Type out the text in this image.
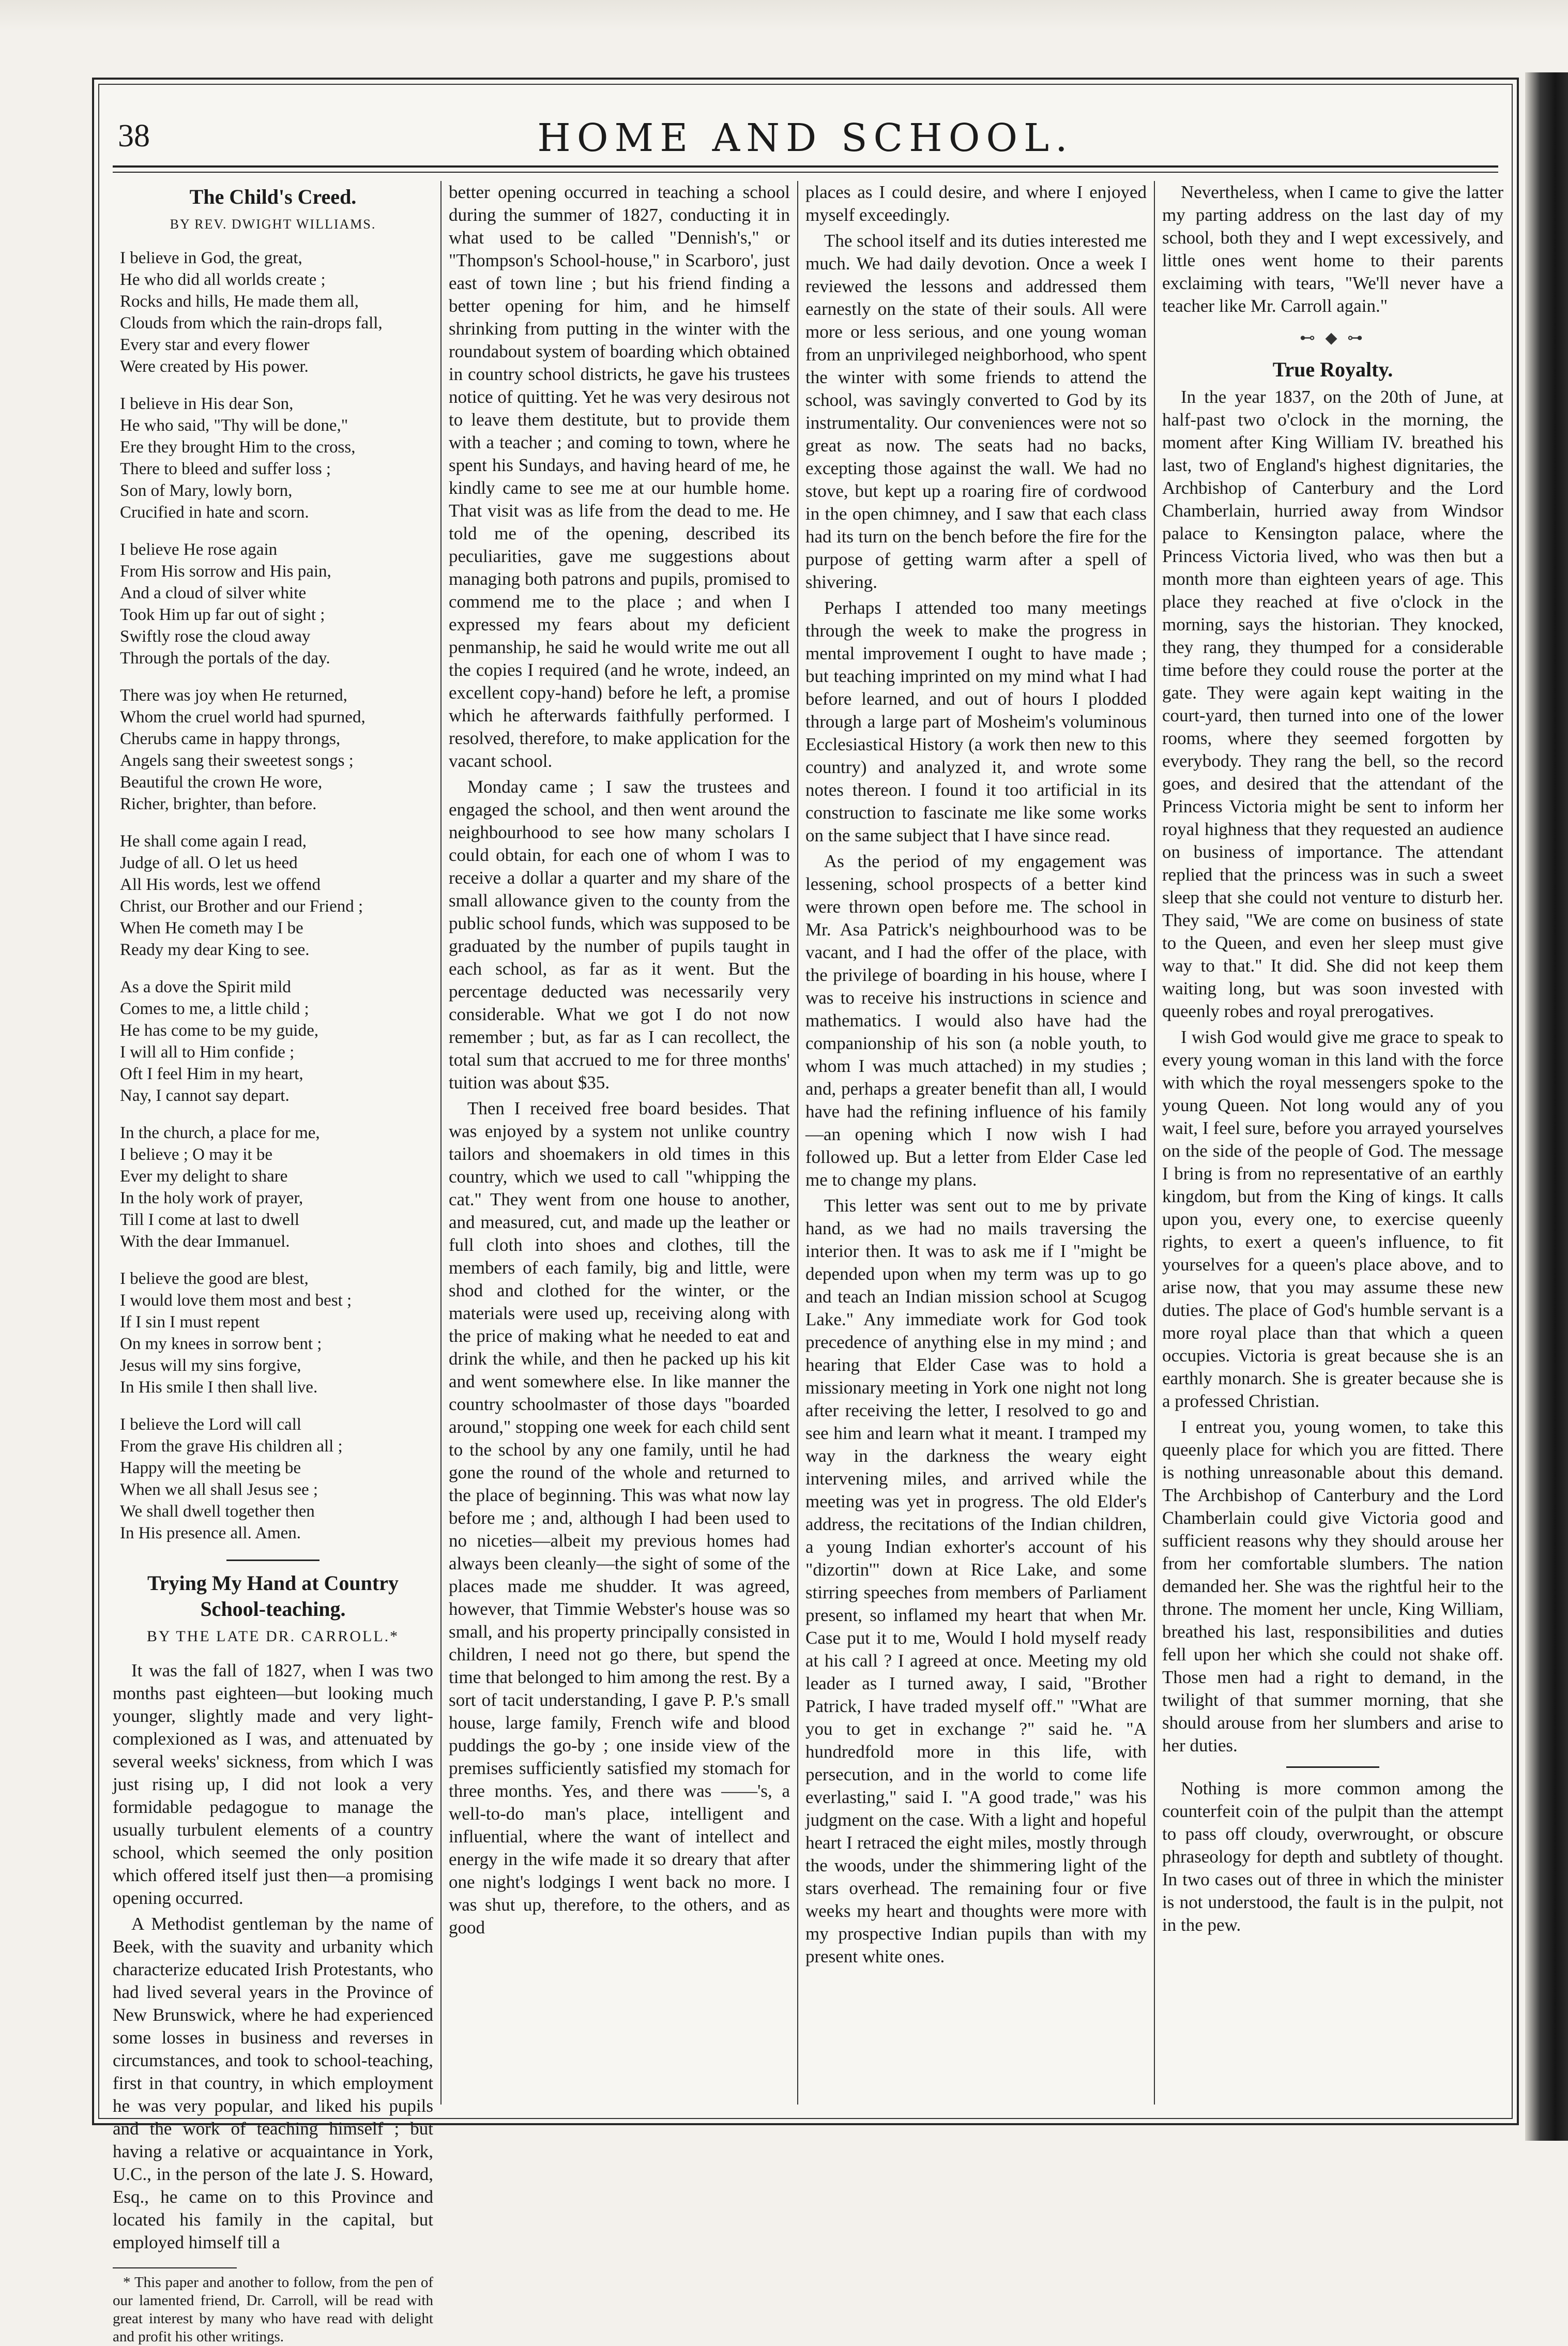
38	HOME AND SCHOOL.
The Child's Creed.
BY REV. DWIGHT WILLIAMS.
I believe in God, the great,
He who did all worlds create ;
Rocks and hills, He made them all,
Clouds from which the rain-drops fall,
Every star and every flower
Were created by His power.
I believe in His dear Son,
He who said, "Thy will be done,"
Ere they brought Him to the cross,
There to bleed and suffer loss ;
Son of Mary, lowly born,
Crucified in hate and scorn.
I believe He rose again
From His sorrow and His pain,
And a cloud of silver white
Took Him up far out of sight ;
Swiftly rose the cloud away
Through the portals of the day.
There was joy when He returned,
Whom the cruel world had spurned,
Cherubs came in happy throngs,
Angels sang their sweetest songs ;
Beautiful the crown He wore,
Richer, brighter, than before.
He shall come again I read,
Judge of all. O let us heed
All His words, lest we offend
Christ, our Brother and our Friend ;
When He cometh may I be
Ready my dear King to see.
As a dove the Spirit mild
Comes to me, a little child ;
He has come to be my guide,
I will all to Him confide ;
Oft I feel Him in my heart,
Nay, I cannot say depart.
In the church, a place for me,
I believe ; O may it be
Ever my delight to share
In the holy work of prayer,
Till I come at last to dwell
With the dear Immanuel.
I believe the good are blest,
I would love them most and best ;
If I sin I must repent
On my knees in sorrow bent ;
Jesus will my sins forgive,
In His smile I then shall live.
I believe the Lord will call
From the grave His children all ;
Happy will the meeting be
When we all shall Jesus see ;
We shall dwell together then
In His presence all. Amen.
Trying My Hand at Country School-teaching.
BY THE LATE DR. CARROLL.*
It was the fall of 1827, when I was two months past eighteen—but looking much younger, slightly made and very light-complexioned as I was, and attenuated by several weeks' sickness, from which I was just rising up, I did not look a very formidable pedagogue to manage the usually turbulent elements of a country school, which seemed the only position which offered itself just then—a promising opening occurred.
A Methodist gentleman by the name of Beek, with the suavity and urbanity which characterize educated Irish Protestants, who had lived several years in the Province of New Brunswick, where he had experienced some losses in business and reverses in circumstances, and took to school-teaching, first in that country, in which employment he was very popular, and liked his pupils and the work of teaching himself ; but having a relative or acquaintance in York, U.C., in the person of the late J. S. Howard, Esq., he came on to this Province and located his family in the capital, but employed himself till a
* This paper and another to follow, from the pen of our lamented friend, Dr. Carroll, will be read with great interest by many who have read with delight and profit his other writings.
better opening occurred in teaching a school during the summer of 1827, conducting it in what used to be called "Dennish's," or "Thompson's School-house," in Scarboro', just east of town line ; but his friend finding a better opening for him, and he himself shrinking from putting in the winter with the roundabout system of boarding which obtained in country school districts, he gave his trustees notice of quitting. Yet he was very desirous not to leave them destitute, but to provide them with a teacher ; and coming to town, where he spent his Sundays, and having heard of me, he kindly came to see me at our humble home. That visit was as life from the dead to me. He told me of the opening, described its peculiarities, gave me suggestions about managing both patrons and pupils, promised to commend me to the place ; and when I expressed my fears about my deficient penmanship, he said he would write me out all the copies I required (and he wrote, indeed, an excellent copy-hand) before he left, a promise which he afterwards faithfully performed. I resolved, therefore, to make application for the vacant school.
Monday came ; I saw the trustees and engaged the school, and then went around the neighbourhood to see how many scholars I could obtain, for each one of whom I was to receive a dollar a quarter and my share of the small allowance given to the county from the public school funds, which was supposed to be graduated by the number of pupils taught in each school, as far as it went. But the percentage deducted was necessarily very considerable. What we got I do not now remember ; but, as far as I can recollect, the total sum that accrued to me for three months' tuition was about $35.
Then I received free board besides. That was enjoyed by a system not unlike country tailors and shoemakers in old times in this country, which we used to call "whipping the cat." They went from one house to another, and measured, cut, and made up the leather or full cloth into shoes and clothes, till the members of each family, big and little, were shod and clothed for the winter, or the materials were used up, receiving along with the price of making what he needed to eat and drink the while, and then he packed up his kit and went somewhere else. In like manner the country schoolmaster of those days "boarded around," stopping one week for each child sent to the school by any one family, until he had gone the round of the whole and returned to the place of beginning. This was what now lay before me ; and, although I had been used to no niceties—albeit my previous homes had always been cleanly—the sight of some of the places made me shudder. It was agreed, however, that Timmie Webster's house was so small, and his property principally consisted in children, I need not go there, but spend the time that belonged to him among the rest. By a sort of tacit understanding, I gave P. P.'s small house, large family, French wife and blood puddings the go-by ; one inside view of the premises sufficiently satisfied my stomach for three months. Yes, and there was ——'s, a well-to-do man's place, intelligent and influential, where the want of intellect and energy in the wife made it so dreary that after one night's lodgings I went back no more. I was shut up, therefore, to the others, and as good
places as I could desire, and where I enjoyed myself exceedingly.
The school itself and its duties interested me much. We had daily devotion. Once a week I reviewed the lessons and addressed them earnestly on the state of their souls. All were more or less serious, and one young woman from an unprivileged neighborhood, who spent the winter with some friends to attend the school, was savingly converted to God by its instrumentality. Our conveniences were not so great as now. The seats had no backs, excepting those against the wall. We had no stove, but kept up a roaring fire of cordwood in the open chimney, and I saw that each class had its turn on the bench before the fire for the purpose of getting warm after a spell of shivering.
Perhaps I attended too many meetings through the week to make the progress in mental improvement I ought to have made ; but teaching imprinted on my mind what I had before learned, and out of hours I plodded through a large part of Mosheim's voluminous Ecclesiastical History (a work then new to this country) and analyzed it, and wrote some notes thereon. I found it too artificial in its construction to fascinate me like some works on the same subject that I have since read.
As the period of my engagement was lessening, school prospects of a better kind were thrown open before me. The school in Mr. Asa Patrick's neighbourhood was to be vacant, and I had the offer of the place, with the privilege of boarding in his house, where I was to receive his instructions in science and mathematics. I would also have had the companionship of his son (a noble youth, to whom I was much attached) in my studies ; and, perhaps a greater benefit than all, I would have had the refining influence of his family —an opening which I now wish I had followed up. But a letter from Elder Case led me to change my plans.
This letter was sent out to me by private hand, as we had no mails traversing the interior then. It was to ask me if I "might be depended upon when my term was up to go and teach an Indian mission school at Scugog Lake." Any immediate work for God took precedence of anything else in my mind ; and hearing that Elder Case was to hold a missionary meeting in York one night not long after receiving the letter, I resolved to go and see him and learn what it meant. I tramped my way in the darkness the weary eight intervening miles, and arrived while the meeting was yet in progress. The old Elder's address, the recitations of the Indian children, a young Indian exhorter's account of his "dizortin'" down at Rice Lake, and some stirring speeches from members of Parliament present, so inflamed my heart that when Mr. Case put it to me, Would I hold myself ready at his call ? I agreed at once. Meeting my old leader as I turned away, I said, "Brother Patrick, I have traded myself off." "What are you to get in exchange ?" said he. "A hundredfold more in this life, with persecution, and in the world to come life everlasting," said I. "A good trade," was his judgment on the case. With a light and hopeful heart I retraced the eight miles, mostly through the woods, under the shimmering light of the stars overhead. The remaining four or five weeks my heart and thoughts were more with my prospective Indian pupils than with my present white ones.
Nevertheless, when I came to give the latter my parting address on the last day of my school, both they and I wept excessively, and little ones went home to their parents exclaiming with tears, "We'll never have a teacher like Mr. Carroll again."
⊷ ◆ ⊶
True Royalty.
In the year 1837, on the 20th of June, at half-past two o'clock in the morning, the moment after King William IV. breathed his last, two of England's highest dignitaries, the Archbishop of Canterbury and the Lord Chamberlain, hurried away from Windsor palace to Kensington palace, where the Princess Victoria lived, who was then but a month more than eighteen years of age. This place they reached at five o'clock in the morning, says the historian. They knocked, they rang, they thumped for a considerable time before they could rouse the porter at the gate. They were again kept waiting in the court-yard, then turned into one of the lower rooms, where they seemed forgotten by everybody. They rang the bell, so the record goes, and desired that the attendant of the Princess Victoria might be sent to inform her royal highness that they requested an audience on business of importance. The attendant replied that the princess was in such a sweet sleep that she could not venture to disturb her. They said, "We are come on business of state to the Queen, and even her sleep must give way to that." It did. She did not keep them waiting long, but was soon invested with queenly robes and royal prerogatives.
I wish God would give me grace to speak to every young woman in this land with the force with which the royal messengers spoke to the young Queen. Not long would any of you wait, I feel sure, before you arrayed yourselves on the side of the people of God. The message I bring is from no representative of an earthly kingdom, but from the King of kings. It calls upon you, every one, to exercise queenly rights, to exert a queen's influence, to fit yourselves for a queen's place above, and to arise now, that you may assume these new duties. The place of God's humble servant is a more royal place than that which a queen occupies. Victoria is great because she is an earthly monarch. She is greater because she is a professed Christian.
I entreat you, young women, to take this queenly place for which you are fitted. There is nothing unreasonable about this demand. The Archbishop of Canterbury and the Lord Chamberlain could give Victoria good and sufficient reasons why they should arouse her from her comfortable slumbers. The nation demanded her. She was the rightful heir to the throne. The moment her uncle, King William, breathed his last, responsibilities and duties fell upon her which she could not shake off. Those men had a right to demand, in the twilight of that summer morning, that she should arouse from her slumbers and arise to her duties.
Nothing is more common among the counterfeit coin of the pulpit than the attempt to pass off cloudy, overwrought, or obscure phraseology for depth and subtlety of thought. In two cases out of three in which the minister is not understood, the fault is in the pulpit, not in the pew.
